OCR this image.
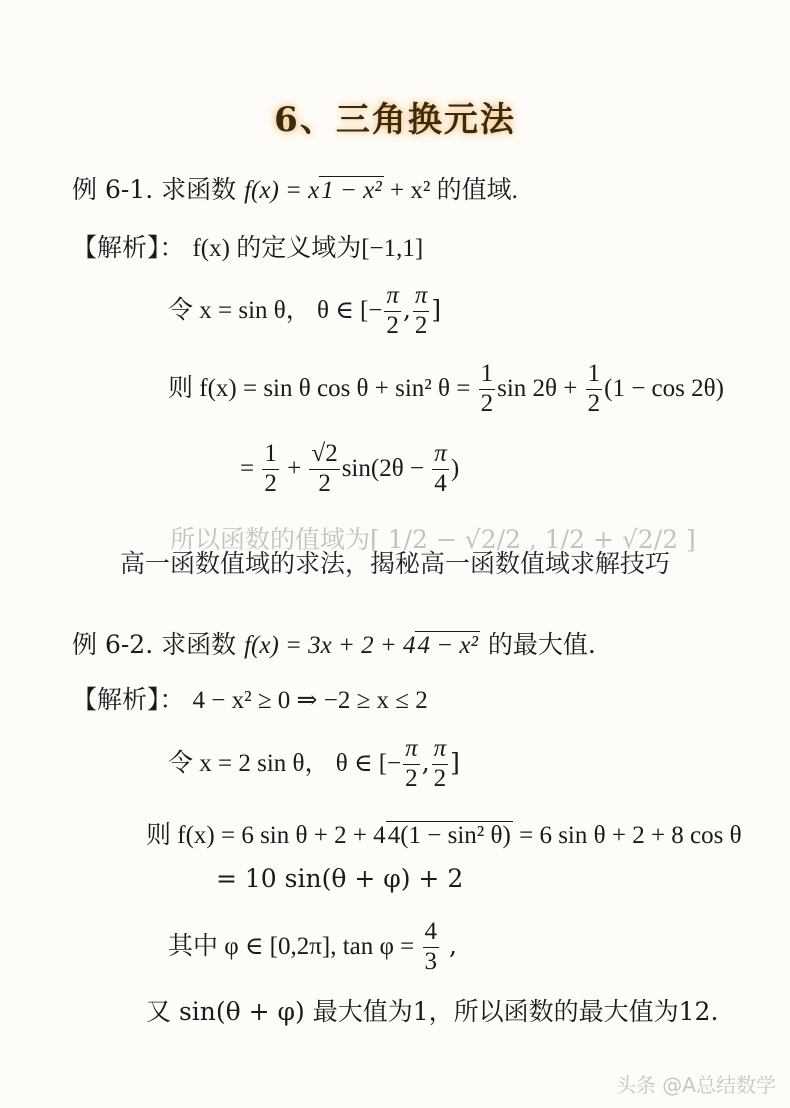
6、三角换元法
例 6-1. 求函数 f(x) = x1 − x² + x² 的值域.
【解析】： f(x) 的定义域为[−1,1]
令 x = sin θ， θ ∈ [− $\frac{\pi}{2}$ , $\frac{\pi}{2}$ ]
则 f(x) = sin θ cos θ + sin² $\theta = \frac{1}{2}$ $\sin 2\theta + \frac{1}{2} (1 - \cos 2\theta)$
= $\frac{1}{2} + \frac{√2}{2} \sin(2\theta - \frac{\pi}{4}$ )
所以函数的值域为[ 1/2 − √2/2 , 1/2 + √2/2 ]
高一函数值域的求法，揭秘高一函数值域求解技巧
例 6-2. 求函数 f(x) = 3x + 2 + 44 − x² 的最大值.
【解析】： 4 − x² ≥ 0 ⇒ −2 ≥ x ≤ 2
令 x = 2 sin θ， θ ∈ [− $\frac{\pi}{2}$ , $\frac{\pi}{2}$ ]
则 f(x) = 6 sin θ + 2 + 44(1 − sin² θ) = 6 sin θ + 2 + 8 cos θ
= 10 sin(θ + φ) + 2
其中 φ ∈ [0,2π], $\tan \varphi = \frac{4}{3}$ ,
又 sin(θ + φ) 最大值为1，所以函数的最大值为12.
头条 @A总结数学
